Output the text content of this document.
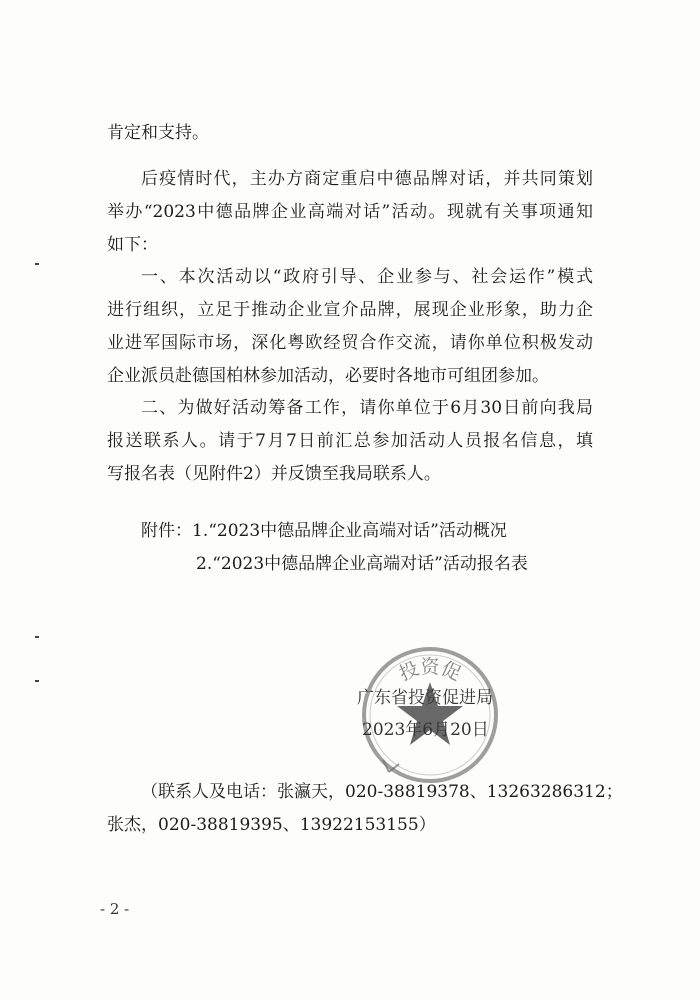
肯定和支持。
后疫情时代，主办方商定重启中德品牌对话，并共同策划
举办“2023中德品牌企业高端对话”活动。现就有关事项通知
如下：
一、本次活动以“政府引导、企业参与、社会运作”模式
进行组织，立足于推动企业宣介品牌，展现企业形象，助力企
业进军国际市场，深化粤欧经贸合作交流，请你单位积极发动
企业派员赴德国柏林参加活动，必要时各地市可组团参加。
二、为做好活动筹备工作，请你单位于6月30日前向我局
报送联系人。请于7月7日前汇总参加活动人员报名信息，填
写报名表（见附件2）并反馈至我局联系人。
附件：1.“2023中德品牌企业高端对话”活动概况
2.“2023中德品牌企业高端对话”活动报名表
投资促
广东省投资促进局
2023年6月20日
（联系人及电话：张瀛天，020-38819378、13263286312；
张杰，020-38819395、13922153155）
- 2 -
